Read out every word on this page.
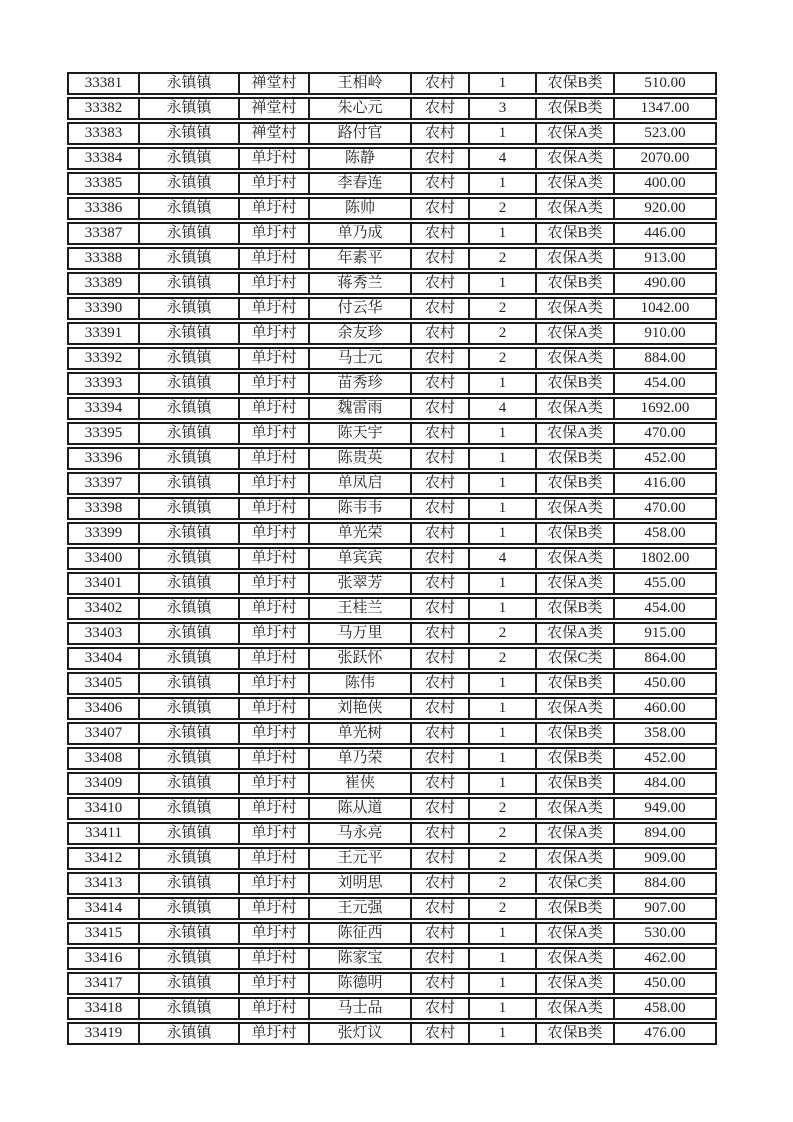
33381	永镇镇	禅堂村	王相岭	农村	1	农保B类	510.00
33382	永镇镇	禅堂村	朱心元	农村	3	农保B类	1347.00
33383	永镇镇	禅堂村	路付官	农村	1	农保A类	523.00
33384	永镇镇	单圩村	陈静	农村	4	农保A类	2070.00
33385	永镇镇	单圩村	李春连	农村	1	农保A类	400.00
33386	永镇镇	单圩村	陈帅	农村	2	农保A类	920.00
33387	永镇镇	单圩村	单乃成	农村	1	农保B类	446.00
33388	永镇镇	单圩村	年素平	农村	2	农保A类	913.00
33389	永镇镇	单圩村	蒋秀兰	农村	1	农保B类	490.00
33390	永镇镇	单圩村	付云华	农村	2	农保A类	1042.00
33391	永镇镇	单圩村	余友珍	农村	2	农保A类	910.00
33392	永镇镇	单圩村	马士元	农村	2	农保A类	884.00
33393	永镇镇	单圩村	苗秀珍	农村	1	农保B类	454.00
33394	永镇镇	单圩村	魏雷雨	农村	4	农保A类	1692.00
33395	永镇镇	单圩村	陈天宇	农村	1	农保A类	470.00
33396	永镇镇	单圩村	陈贵英	农村	1	农保B类	452.00
33397	永镇镇	单圩村	单凤启	农村	1	农保B类	416.00
33398	永镇镇	单圩村	陈韦韦	农村	1	农保A类	470.00
33399	永镇镇	单圩村	单光荣	农村	1	农保B类	458.00
33400	永镇镇	单圩村	单宾宾	农村	4	农保A类	1802.00
33401	永镇镇	单圩村	张翠芳	农村	1	农保A类	455.00
33402	永镇镇	单圩村	王桂兰	农村	1	农保B类	454.00
33403	永镇镇	单圩村	马万里	农村	2	农保A类	915.00
33404	永镇镇	单圩村	张跃怀	农村	2	农保C类	864.00
33405	永镇镇	单圩村	陈伟	农村	1	农保B类	450.00
33406	永镇镇	单圩村	刘艳侠	农村	1	农保A类	460.00
33407	永镇镇	单圩村	单光树	农村	1	农保B类	358.00
33408	永镇镇	单圩村	单乃荣	农村	1	农保B类	452.00
33409	永镇镇	单圩村	崔侠	农村	1	农保B类	484.00
33410	永镇镇	单圩村	陈从道	农村	2	农保A类	949.00
33411	永镇镇	单圩村	马永亮	农村	2	农保A类	894.00
33412	永镇镇	单圩村	王元平	农村	2	农保A类	909.00
33413	永镇镇	单圩村	刘明思	农村	2	农保C类	884.00
33414	永镇镇	单圩村	王元强	农村	2	农保B类	907.00
33415	永镇镇	单圩村	陈征西	农村	1	农保A类	530.00
33416	永镇镇	单圩村	陈家宝	农村	1	农保A类	462.00
33417	永镇镇	单圩村	陈德明	农村	1	农保A类	450.00
33418	永镇镇	单圩村	马士品	农村	1	农保A类	458.00
33419	永镇镇	单圩村	张灯议	农村	1	农保B类	476.00
